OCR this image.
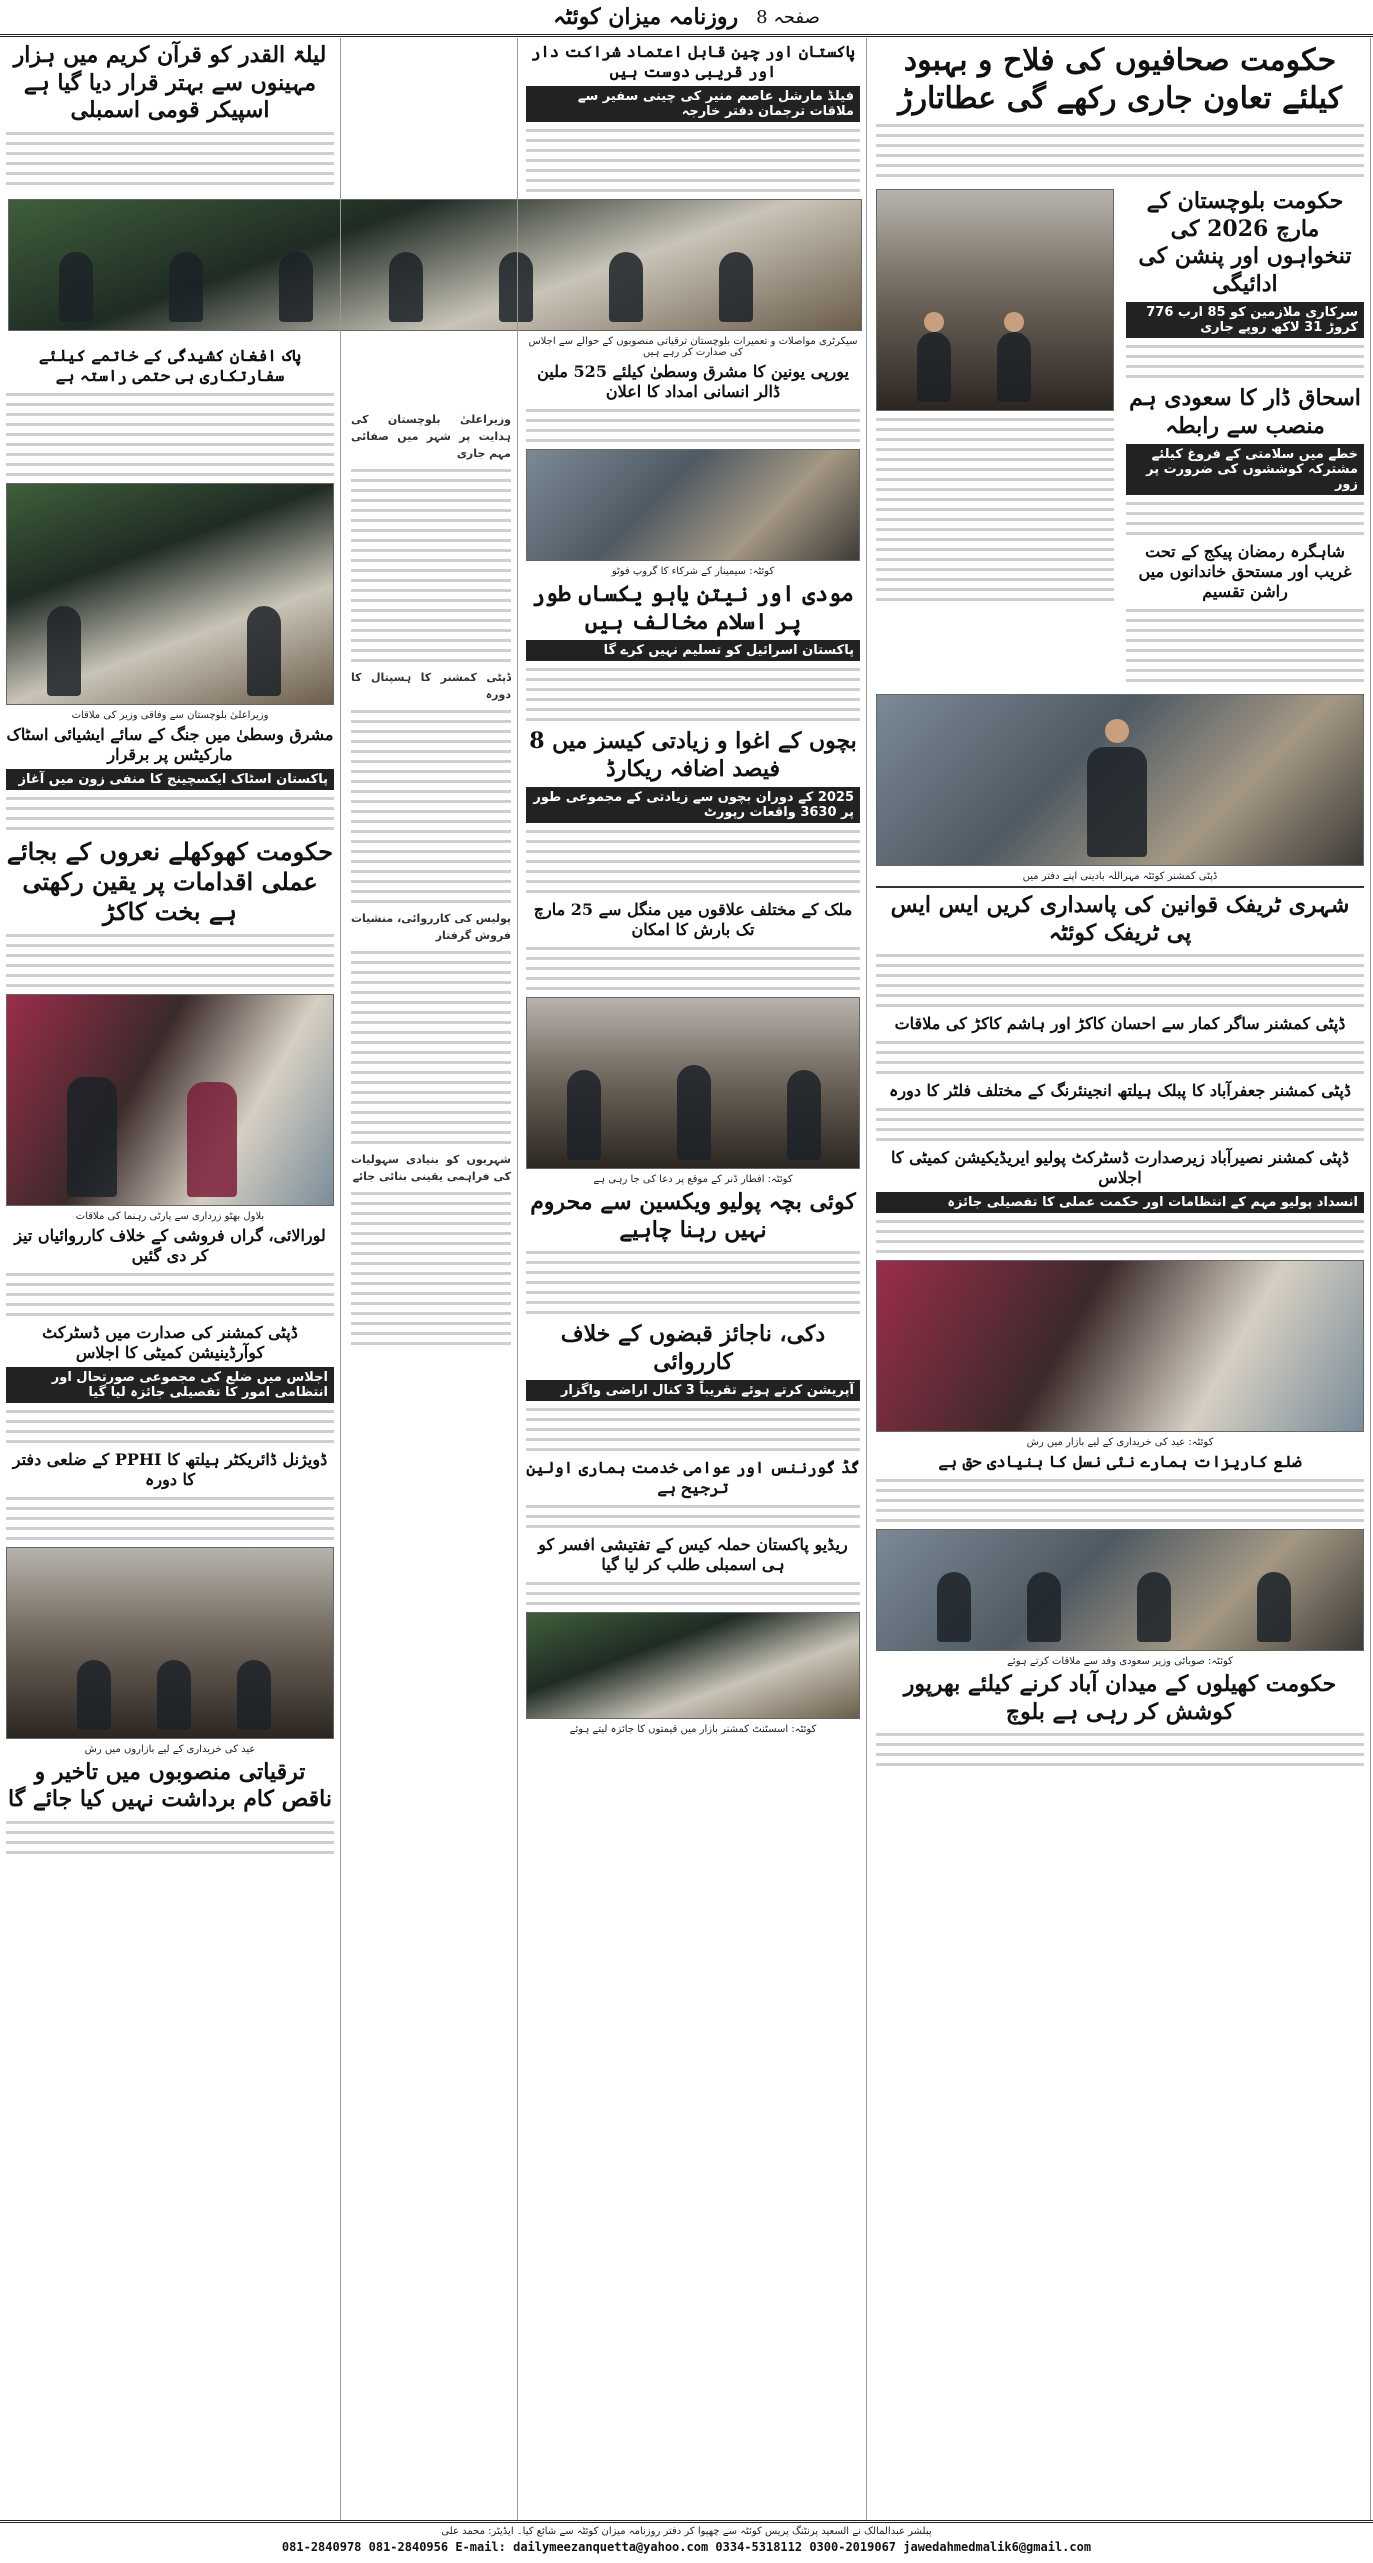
روزنامہ میزان کوئٹہ صفحہ 8
حکومت صحافیوں کی فلاح و بہبود کیلئے تعاون جاری رکھے گی عطاتارڑ
حکومت بلوچستان کے مارچ 2026 کی تنخواہوں اور پنشن کی ادائیگی
سرکاری ملازمین کو 85 ارب 776 کروڑ 31 لاکھ روپے جاری
اسحاق ڈار کا سعودی ہم منصب سے رابطہ
خطے میں سلامتی کے فروغ کیلئے مشترکہ کوششوں کی ضرورت پر زور
شاہگرہ رمضان پیکج کے تحت غریب اور مستحق خاندانوں میں راشن تقسیم
ڈپٹی کمشنر کوئٹہ مہراللہ بادینی اپنے دفتر میں
شہری ٹریفک قوانین کی پاسداری کریں ایس ایس پی ٹریفک کوئٹہ
ڈپٹی کمشنر ساگر کمار سے احسان کاکڑ اور ہاشم کاکڑ کی ملاقات
ڈپٹی کمشنر جعفرآباد کا پبلک ہیلتھ انجینئرنگ کے مختلف فلٹر کا دورہ
ڈپٹی کمشنر نصیرآباد زیرصدارت ڈسٹرکٹ پولیو ایریڈیکیشن کمیٹی کا اجلاس
انسداد پولیو مہم کے انتظامات اور حکمت عملی کا تفصیلی جائزہ
کوئٹہ: عید کی خریداری کے لیے بازار میں رش
ضلع کاریزات ہمارے نئی نسل کا بنیادی حق ہے
کوئٹہ: صوبائی وزیر سعودی وفد سے ملاقات کرتے ہوئے
حکومت کھیلوں کے میدان آباد کرنے کیلئے بھرپور کوشش کر رہی ہے بلوچ
پاکستان اور چین قابل اعتماد شراکت دار اور قریبی دوست ہیں
فیلڈ مارشل عاصم منیر کی چینی سفیر سے ملاقات ترجمان دفتر خارجہ
سیکرٹری مواصلات و تعمیرات بلوچستان ترقیاتی منصوبوں کے حوالے سے اجلاس کی صدارت کر رہے ہیں
یورپی یونین کا مشرق وسطیٰ کیلئے 525 ملین ڈالر انسانی امداد کا اعلان
کوئٹہ: سیمینار کے شرکاء کا گروپ فوٹو
مودی اور نیتن یاہو یکساں طور پر اسلام مخالف ہیں
پاکستان اسرائیل کو تسلیم نہیں کرے گا
بچوں کے اغوا و زیادتی کیسز میں 8 فیصد اضافہ ریکارڈ
2025 کے دوران بچوں سے زیادتی کے مجموعی طور پر 3630 واقعات رپورٹ
ملک کے مختلف علاقوں میں منگل سے 25 مارچ تک بارش کا امکان
کوئٹہ: افطار ڈنر کے موقع پر دعا کی جا رہی ہے
کوئی بچہ پولیو ویکسین سے محروم نہیں رہنا چاہیے
دکی، ناجائز قبضوں کے خلاف کارروائی
آپریشن کرتے ہوئے تقریباً 3 کنال اراضی واگزار
گڈ گورننس اور عوامی خدمت ہماری اولین ترجیح ہے
ریڈیو پاکستان حملہ کیس کے تفتیشی افسر کو ہی اسمبلی طلب کر لیا گیا
کوئٹہ: اسسٹنٹ کمشنر بازار میں قیمتوں کا جائزہ لیتے ہوئے
وزیراعلیٰ بلوچستان کی ہدایت پر شہر میں صفائی مہم جاری
ڈپٹی کمشنر کا ہسپتال کا دورہ
پولیس کی کارروائی، منشیات فروش گرفتار
شہریوں کو بنیادی سہولیات کی فراہمی یقینی بنائی جائے
لیلۃ القدر کو قرآن کریم میں ہزار مہینوں سے بہتر قرار دیا گیا ہے اسپیکر قومی اسمبلی
پاک افغان کشیدگی کے خاتمے کیلئے سفارتکاری ہی حتمی راستہ ہے
وزیراعلیٰ بلوچستان سے وفاقی وزیر کی ملاقات
مشرق وسطیٰ میں جنگ کے سائے ایشیائی اسٹاک مارکیٹس پر برقرار
پاکستان اسٹاک ایکسچینج کا منفی زون میں آغاز
حکومت کھوکھلے نعروں کے بجائے عملی اقدامات پر یقین رکھتی ہے بخت کاکڑ
بلاول بھٹو زرداری سے پارٹی رہنما کی ملاقات
لورالائی، گراں فروشی کے خلاف کارروائیاں تیز کر دی گئیں
ڈپٹی کمشنر کی صدارت میں ڈسٹرکٹ کوآرڈینیشن کمیٹی کا اجلاس
اجلاس میں ضلع کی مجموعی صورتحال اور انتظامی امور کا تفصیلی جائزہ لیا گیا
ڈویژنل ڈائریکٹر ہیلتھ کا PPHI کے ضلعی دفتر کا دورہ
عید کی خریداری کے لیے بازاروں میں رش
ترقیاتی منصوبوں میں تاخیر و ناقص کام برداشت نہیں کیا جائے گا
پبلشر عبدالمالک نے السعید پرنٹنگ پریس کوئٹہ سے چھپوا کر دفتر روزنامہ میزان کوئٹہ سے شائع کیا۔ ایڈیٹر: محمد علی
081-2840978 081-2840956 E-mail: dailymeezanquetta@yahoo.com 0334-5318112 0300-2019067 jawedahmedmalik6@gmail.com
